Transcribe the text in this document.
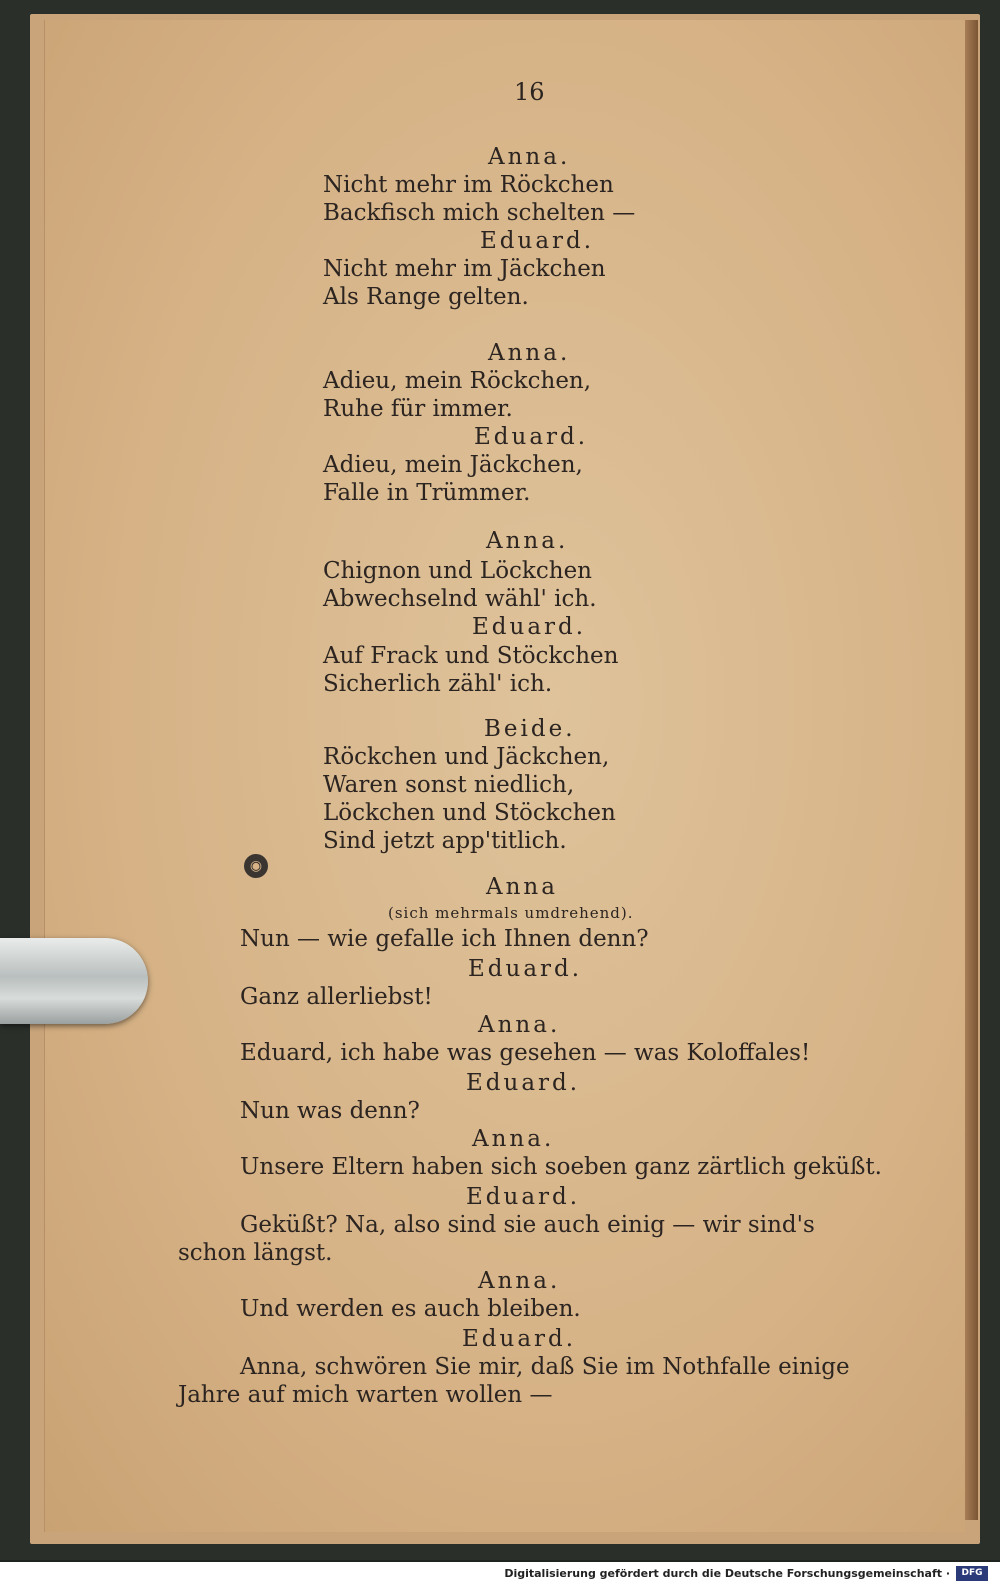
16
Anna.
Nicht mehr im Röckchen
Backfisch mich schelten —
Eduard.
Nicht mehr im Jäckchen
Als Range gelten.
Anna.
Adieu, mein Röckchen,
Ruhe für immer.
Eduard.
Adieu, mein Jäckchen,
Falle in Trümmer.
Anna.
Chignon und Löckchen
Abwechselnd wähl' ich.
Eduard.
Auf Frack und Stöckchen
Sicherlich zähl' ich.
Beide.
Röckchen und Jäckchen,
Waren sonst niedlich,
Löckchen und Stöckchen
Sind jetzt app'titlich.
Anna
(sich mehrmals umdrehend).
Nun — wie gefalle ich Ihnen denn?
Eduard.
Ganz allerliebst!
Anna.
Eduard, ich habe was gesehen — was Koloffales!
Eduard.
Nun was denn?
Anna.
Unsere Eltern haben sich soeben ganz zärtlich geküßt.
Eduard.
Geküßt? Na, also sind sie auch einig — wir sind's
schon längst.
Anna.
Und werden es auch bleiben.
Eduard.
Anna, schwören Sie mir, daß Sie im Nothfalle einige
Jahre auf mich warten wollen —
◉
Digitalisierung gefördert durch die Deutsche Forschungsgemeinschaft ·	DFG
